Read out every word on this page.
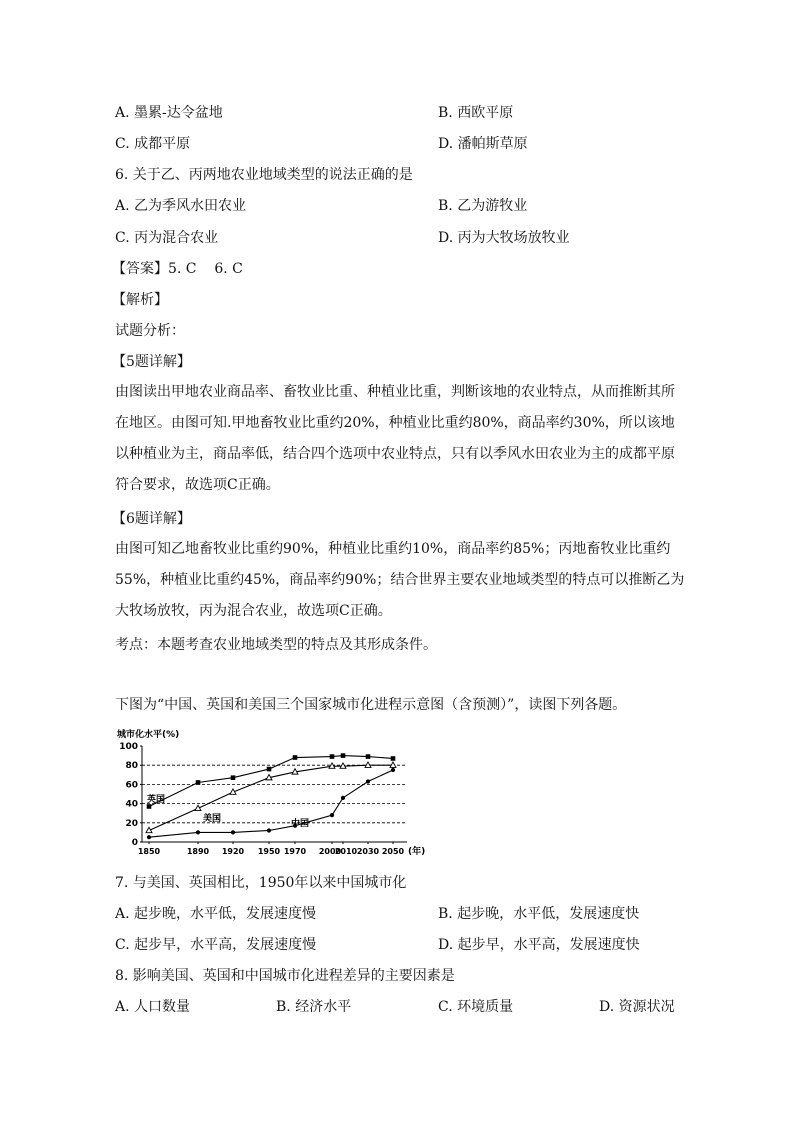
A. 墨累-达令盆地	B. 西欧平原
C. 成都平原	D. 潘帕斯草原
6. 关于乙、丙两地农业地域类型的说法正确的是
A. 乙为季风水田农业	B. 乙为游牧业
C. 丙为混合农业	D. 丙为大牧场放牧业
【答案】5. C    6. C
【解析】
试题分析：
【5题详解】
由图读出甲地农业商品率、畜牧业比重、种植业比重，判断该地的农业特点，从而推断其所在地区。由图可知.甲地畜牧业比重约20%，种植业比重约80%，商品率约30%，所以该地以种植业为主，商品率低，结合四个选项中农业特点，只有以季风水田农业为主的成都平原符合要求，故选项C正确。
【6题详解】
由图可知乙地畜牧业比重约90%，种植业比重约10%，商品率约85%；丙地畜牧业比重约55%，种植业比重约45%，商品率约90%；结合世界主要农业地域类型的特点可以推断乙为大牧场放牧，丙为混合农业，故选项C正确。
考点：本题考查农业地域类型的特点及其形成条件。
下图为“中国、英国和美国三个国家城市化进程示意图（含预测）”，读图下列各题。
城市化水平(%)
0
20
40
60
80
100
1850	1890 1920 1950 1970 2000
2010 2030 2050
英国
美国	中国
(年)
7. 与美国、英国相比，1950年以来中国城市化
A. 起步晚，水平低，发展速度慢	B. 起步晚，水平低，发展速度快
C. 起步早，水平高，发展速度慢	D. 起步早，水平高，发展速度快
8. 影响美国、英国和中国城市化进程差异的主要因素是
A. 人口数量	B. 经济水平	C. 环境质量	D. 资源状况
